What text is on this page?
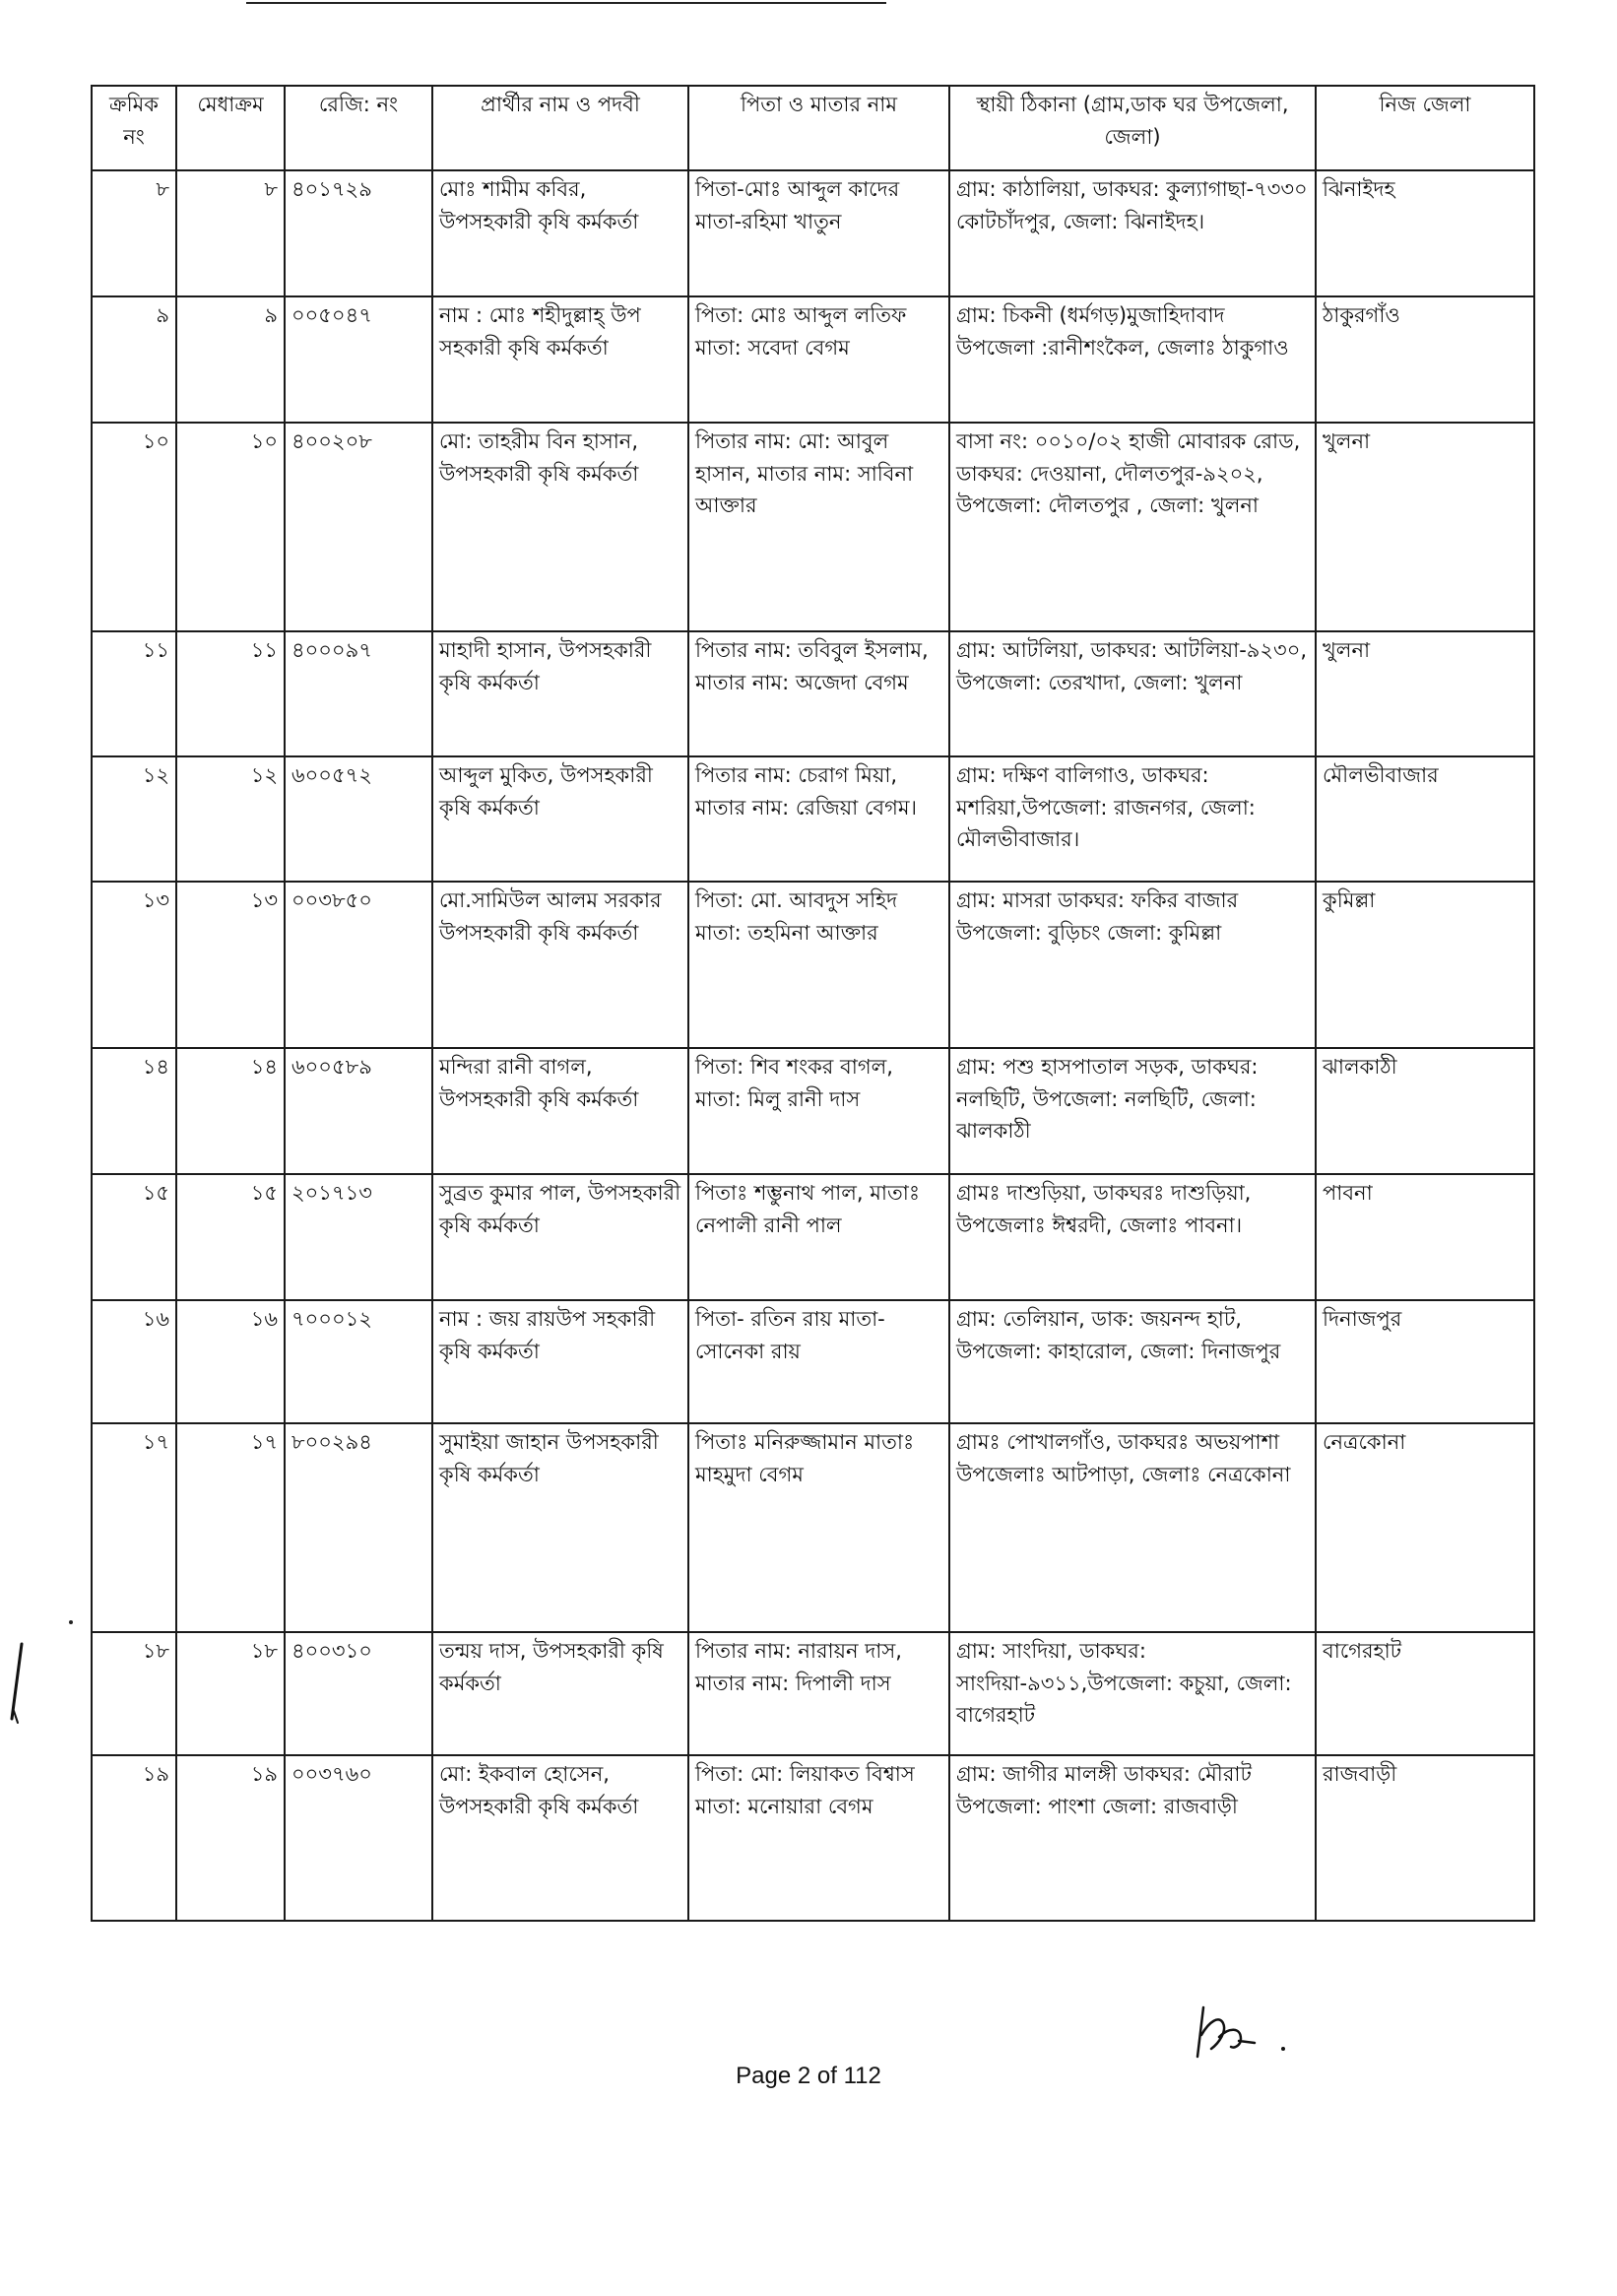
ক্রমিক নং	মেধাক্রম	রেজি: নং	প্রার্থীর নাম ও পদবী	পিতা ও মাতার নাম	স্থায়ী ঠিকানা (গ্রাম,ডাক ঘর উপজেলা, জেলা)	নিজ জেলা
৮	৮	৪০১৭২৯	মোঃ শামীম কবির, উপসহকারী কৃষি কর্মকর্তা	পিতা-মোঃ আব্দুল কাদের মাতা-রহিমা খাতুন	গ্রাম: কাঠালিয়া, ডাকঘর: কুল্যাগাছা-৭৩৩০ কোটচাঁদপুর, জেলা: ঝিনাইদহ।	ঝিনাইদহ
৯	৯	০০৫০৪৭	নাম : মোঃ শহীদুল্লাহ্ উপ সহকারী কৃষি কর্মকর্তা	পিতা: মোঃ আব্দুল লতিফ মাতা: সবেদা বেগম	গ্রাম: চিকনী (ধর্মগড়)মুজাহিদাবাদ উপজেলা :রানীশংকৈল, জেলাঃ ঠাকুগাও	ঠাকুরগাঁও
১০	১০	৪০০২০৮	মো: তাহরীম বিন হাসান, উপসহকারী কৃষি কর্মকর্তা	পিতার নাম: মো: আবুল হাসান, মাতার নাম: সাবিনা আক্তার	বাসা নং: ০০১০/০২ হাজী মোবারক রোড, ডাকঘর: দেওয়ানা, দৌলতপুর-৯২০২, উপজেলা: দৌলতপুর , জেলা: খুলনা	খুলনা
১১	১১	৪০০০৯৭	মাহাদী হাসান, উপসহকারী কৃষি কর্মকর্তা	পিতার নাম: তবিবুল ইসলাম, মাতার নাম: অজেদা বেগম	গ্রাম: আটলিয়া, ডাকঘর: আটলিয়া-৯২৩০, উপজেলা: তেরখাদা, জেলা: খুলনা	খুলনা
১২	১২	৬০০৫৭২	আব্দুল মুকিত, উপসহকারী কৃষি কর্মকর্তা	পিতার নাম: চেরাগ মিয়া, মাতার নাম: রেজিয়া বেগম।	গ্রাম: দক্ষিণ বালিগাও, ডাকঘর: মশরিয়া,উপজেলা: রাজনগর, জেলা: মৌলভীবাজার।	মৌলভীবাজার
১৩	১৩	০০৩৮৫০	মো.সামিউল আলম সরকার উপসহকারী কৃষি কর্মকর্তা	পিতা: মো. আবদুস সহিদ মাতা: তহমিনা আক্তার	গ্রাম: মাসরা ডাকঘর: ফকির বাজার উপজেলা: বুড়িচং জেলা: কুমিল্লা	কুমিল্লা
১৪	১৪	৬০০৫৮৯	মন্দিরা রানী বাগল, উপসহকারী কৃষি কর্মকর্তা	পিতা: শিব শংকর বাগল, মাতা: মিলু রানী দাস	গ্রাম: পশু হাসপাতাল সড়ক, ডাকঘর: নলছিটি, উপজেলা: নলছিটি, জেলা: ঝালকাঠী	ঝালকাঠী
১৫	১৫	২০১৭১৩	সুব্রত কুমার পাল, উপসহকারী কৃষি কর্মকর্তা	পিতাঃ শম্ভুনাথ পাল, মাতাঃ নেপালী রানী পাল	গ্রামঃ দাশুড়িয়া, ডাকঘরঃ দাশুড়িয়া, উপজেলাঃ ঈশ্বরদী, জেলাঃ পাবনা।	পাবনা
১৬	১৬	৭০০০১২	নাম : জয় রায়উপ সহকারী কৃষি কর্মকর্তা	পিতা- রতিন রায় মাতা-সোনেকা রায়	গ্রাম: তেলিয়ান, ডাক: জয়নন্দ হাট, উপজেলা: কাহারোল, জেলা: দিনাজপুর	দিনাজপুর
১৭	১৭	৮০০২৯৪	সুমাইয়া জাহান উপসহকারী কৃষি কর্মকর্তা	পিতাঃ মনিরুজ্জামান মাতাঃ মাহমুদা বেগম	গ্রামঃ পোখালগাঁও, ডাকঘরঃ অভয়পাশা উপজেলাঃ আটপাড়া, জেলাঃ নেত্রকোনা	নেত্রকোনা
১৮	১৮	৪০০৩১০	তন্ময় দাস, উপসহকারী কৃষি কর্মকর্তা	পিতার নাম: নারায়ন দাস, মাতার নাম: দিপালী দাস	গ্রাম: সাংদিয়া, ডাকঘর: সাংদিয়া-৯৩১১,উপজেলা: কচুয়া, জেলা: বাগেরহাট	বাগেরহাট
১৯	১৯	০০৩৭৬০	মো: ইকবাল হোসেন, উপসহকারী কৃষি কর্মকর্তা	পিতা: মো: লিয়াকত বিশ্বাস মাতা: মনোয়ারা বেগম	গ্রাম: জাগীর মালঙ্গী ডাকঘর: মৌরাট উপজেলা: পাংশা জেলা: রাজবাড়ী	রাজবাড়ী
Page 2 of 112
